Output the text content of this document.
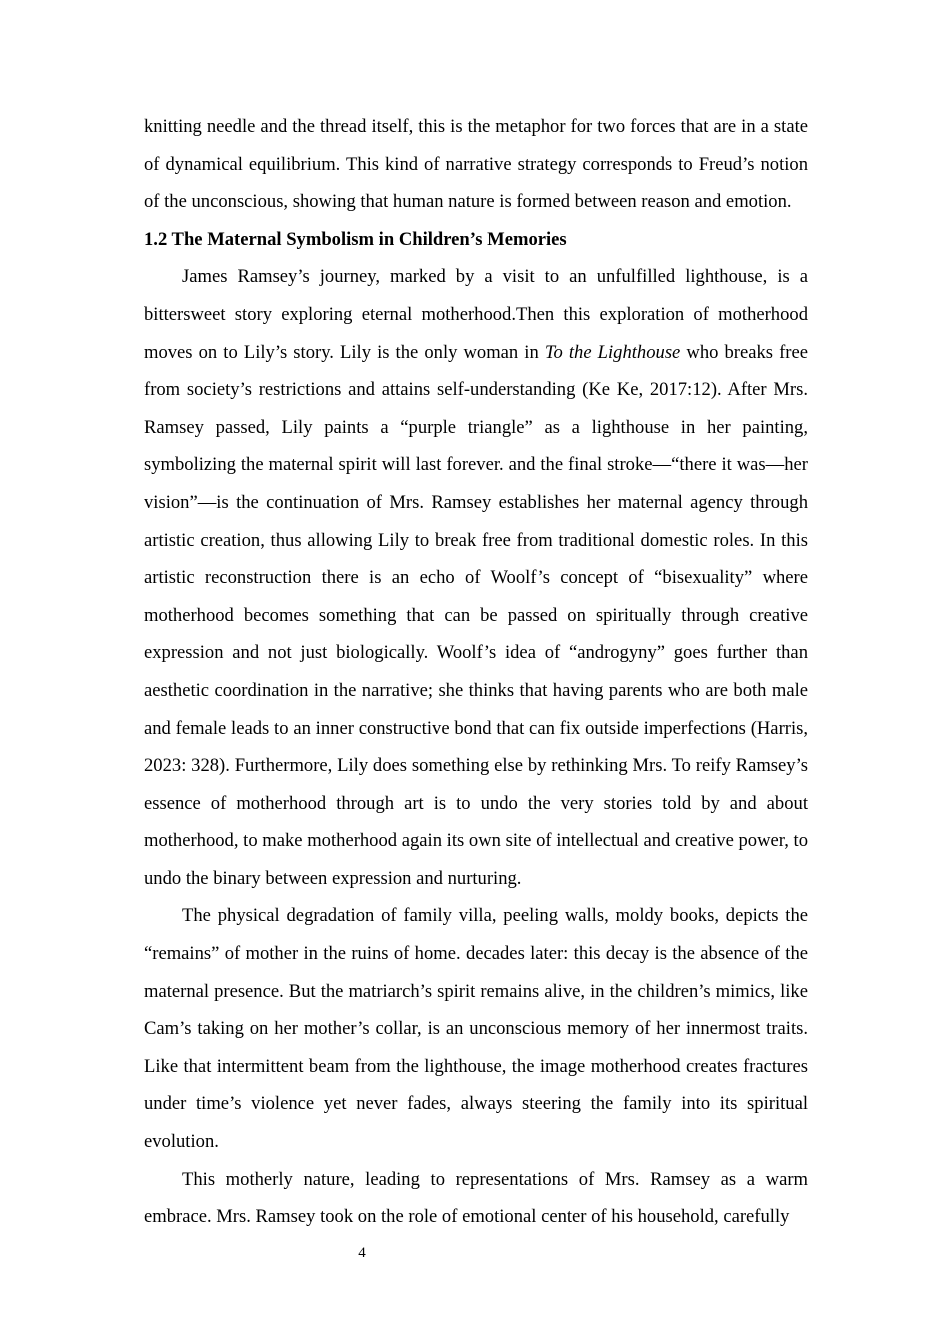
knitting needle and the thread itself, this is the metaphor for two forces that are in a state of dynamical equilibrium. This kind of narrative strategy corresponds to Freud’s notion of the unconscious, showing that human nature is formed between reason and emotion.

1.2 The Maternal Symbolism in Children’s Memories

James Ramsey’s journey, marked by a visit to an unfulfilled lighthouse, is a bittersweet story exploring eternal motherhood.Then this exploration of motherhood moves on to Lily’s story. Lily is the only woman in To the Lighthouse who breaks free from society’s restrictions and attains self-understanding (Ke Ke, 2017:12). After Mrs. Ramsey passed, Lily paints a “purple triangle” as a lighthouse in her painting, symbolizing the maternal spirit will last forever. and the final stroke—“there it was—her vision”—is the continuation of Mrs. Ramsey establishes her maternal agency through artistic creation, thus allowing Lily to break free from traditional domestic roles. In this artistic reconstruction there is an echo of Woolf’s concept of “bisexuality” where motherhood becomes something that can be passed on spiritually through creative expression and not just biologically. Woolf’s idea of “androgyny” goes further than aesthetic coordination in the narrative; she thinks that having parents who are both male and female leads to an inner constructive bond that can fix outside imperfections (Harris, 2023: 328). Furthermore, Lily does something else by rethinking Mrs. To reify Ramsey’s essence of motherhood through art is to undo the very stories told by and about motherhood, to make motherhood again its own site of intellectual and creative power, to undo the binary between expression and nurturing.

The physical degradation of family villa, peeling walls, moldy books, depicts the “remains” of mother in the ruins of home. decades later: this decay is the absence of the maternal presence. But the matriarch’s spirit remains alive, in the children’s mimics, like Cam’s taking on her mother’s collar, is an unconscious memory of her innermost traits. Like that intermittent beam from the lighthouse, the image motherhood creates fractures under time’s violence yet never fades, always steering the family into its spiritual evolution.

This motherly nature, leading to representations of Mrs. Ramsey as a warm embrace. Mrs. Ramsey took on the role of emotional center of his household, carefully

4
